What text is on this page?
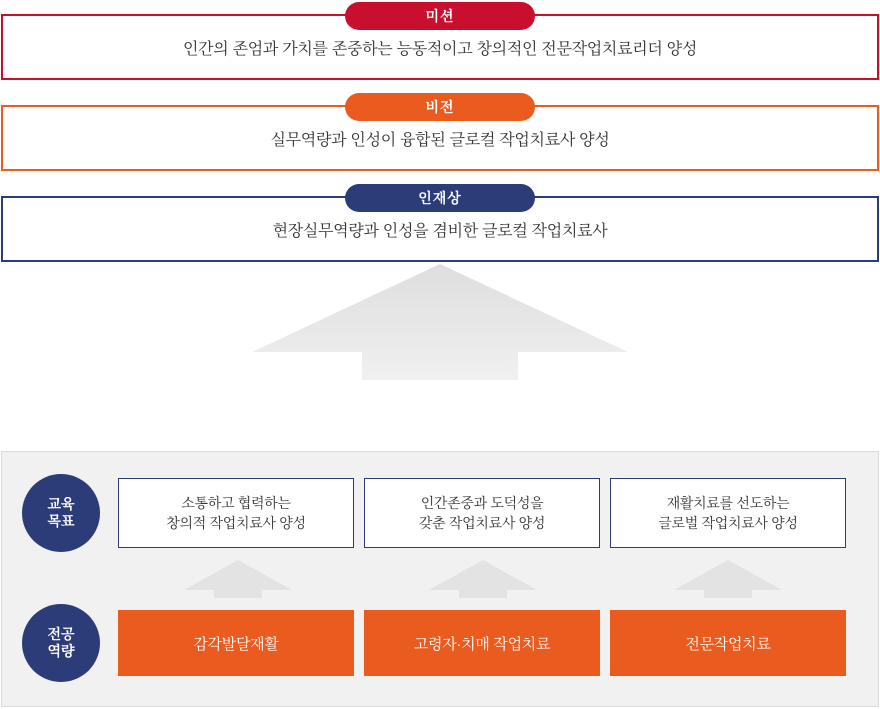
미션
인간의 존엄과 가치를 존중하는 능동적이고 창의적인 전문작업치료리더 양성
비전
실무역량과 인성이 융합된 글로컬 작업치료사 양성
인재상
현장실무역량과 인성을 겸비한 글로컬 작업치료사
교육
목표
소통하고 협력하는
창의적 작업치료사 양성
인간존중과 도덕성을
갖춘 작업치료사 양성
재활치료를 선도하는
글로벌 작업치료사 양성
전공
역량	감각발달재활	고령자·치매 작업치료	전문작업치료
